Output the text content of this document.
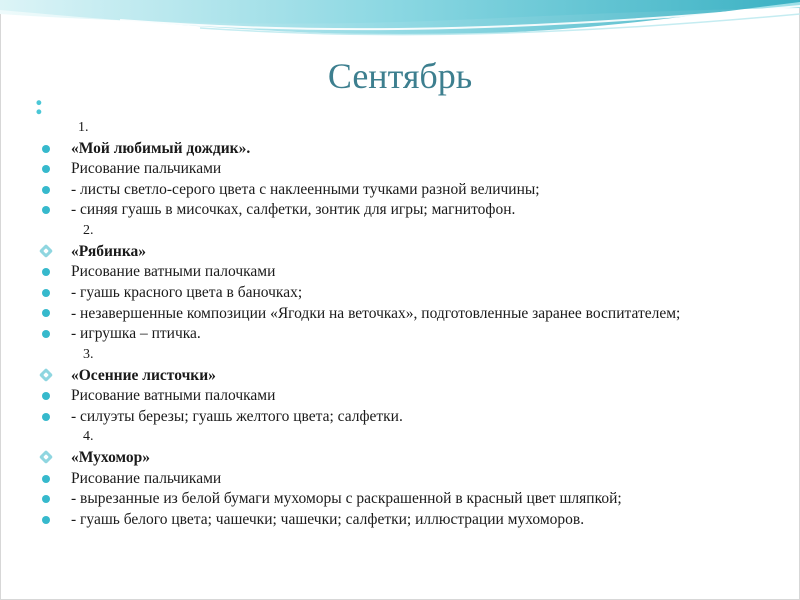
Сентябрь
:
1.
«Мой любимый дождик».
Рисование пальчиками
- листы светло-серого цвета с наклеенными тучками разной величины;
- синяя гуашь в мисочках, салфетки, зонтик для игры; магнитофон.
2.
«Рябинка»
Рисование ватными палочками
- гуашь красного цвета в баночках;
- незавершенные композиции «Ягодки на веточках», подготовленные заранее воспитателем;
- игрушка – птичка.
3.
«Осенние листочки»
Рисование ватными палочками
- силуэты березы; гуашь желтого цвета; салфетки.
4.
«Мухомор»
Рисование пальчиками
- вырезанные из белой бумаги мухоморы с раскрашенной в красный цвет шляпкой;
- гуашь белого цвета; чашечки; чашечки; салфетки; иллюстрации мухоморов.
